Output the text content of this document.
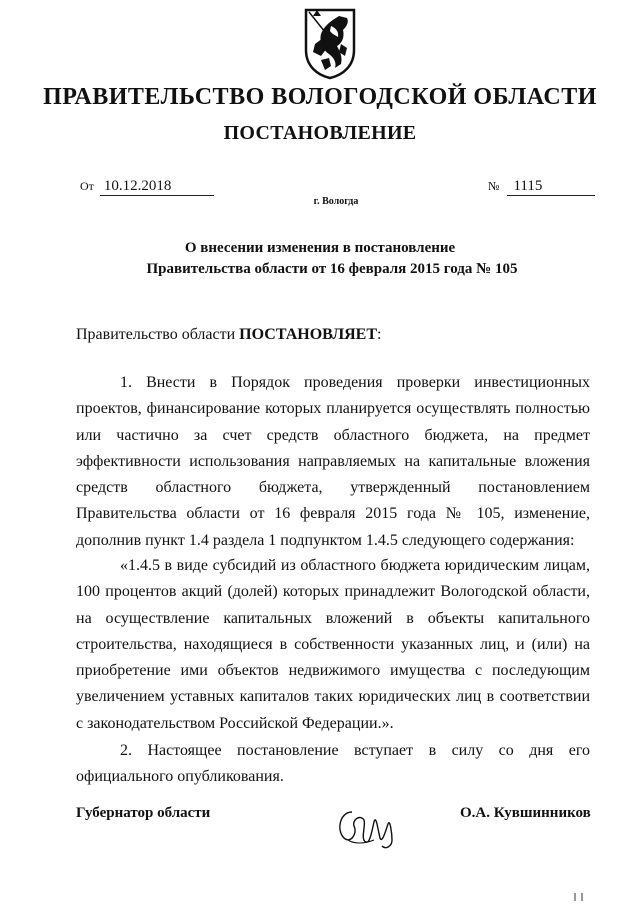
ПРАВИТЕЛЬСТВО ВОЛОГОДСКОЙ ОБЛАСТИ
ПОСТАНОВЛЕНИЕ
От 10.12.2018	№ 1115
г. Вологда
О внесении изменения в постановление
Правительства области от 16 февраля 2015 года № 105
Правительство области ПОСТАНОВЛЯЕТ:

1. Внести в Порядок проведения проверки инвестиционных проектов, финансирование которых планируется осуществлять полностью или частично за счет средств областного бюджета, на предмет эффективности использования направляемых на капитальные вложения средств областного бюджета, утвержденный постановлением Правительства области от 16 февраля 2015 года № 105, изменение, дополнив пункт 1.4 раздела 1 подпунктом 1.4.5 следующего содержания:

«1.4.5 в виде субсидий из областного бюджета юридическим лицам, 100 процентов акций (долей) которых принадлежит Вологодской области, на осуществление капитальных вложений в объекты капитального строительства, находящиеся в собственности указанных лиц, и (или) на приобретение ими объектов недвижимого имущества с последующим увеличением уставных капиталов таких юридических лиц в соответствии с законодательством Российской Федерации.».

2. Настоящее постановление вступает в силу со дня его официального опубликования.

Губернатор области	О.А. Кувшинников
